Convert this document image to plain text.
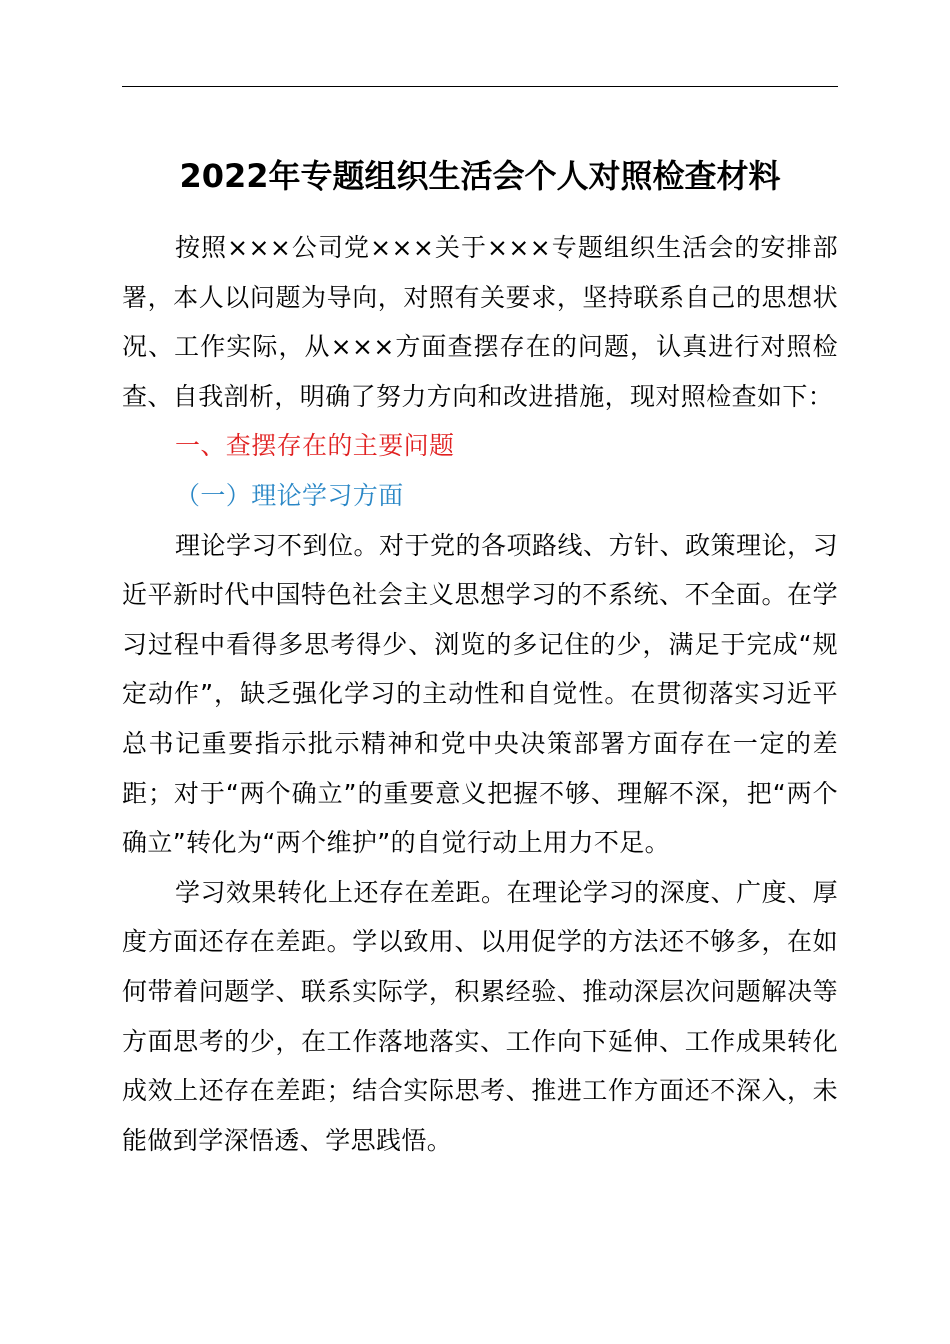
2022年专题组织生活会个人对照检查材料

按照×××公司党×××关于×××专题组织生活会的安排部署，本人以问题为导向，对照有关要求，坚持联系自己的思想状况、工作实际，从×××方面查摆存在的问题，认真进行对照检查、自我剖析，明确了努力方向和改进措施，现对照检查如下：

一、查摆存在的主要问题

（一）理论学习方面

理论学习不到位。对于党的各项路线、方针、政策理论，习近平新时代中国特色社会主义思想学习的不系统、不全面。在学习过程中看得多思考得少、浏览的多记住的少，满足于完成“规定动作”，缺乏强化学习的主动性和自觉性。在贯彻落实习近平总书记重要指示批示精神和党中央决策部署方面存在一定的差距；对于“两个确立”的重要意义把握不够、理解不深，把“两个确立”转化为“两个维护”的自觉行动上用力不足。

学习效果转化上还存在差距。在理论学习的深度、广度、厚度方面还存在差距。学以致用、以用促学的方法还不够多，在如何带着问题学、联系实际学，积累经验、推动深层次问题解决等方面思考的少，在工作落地落实、工作向下延伸、工作成果转化成效上还存在差距；结合实际思考、推进工作方面还不深入，未能做到学深悟透、学思践悟。
